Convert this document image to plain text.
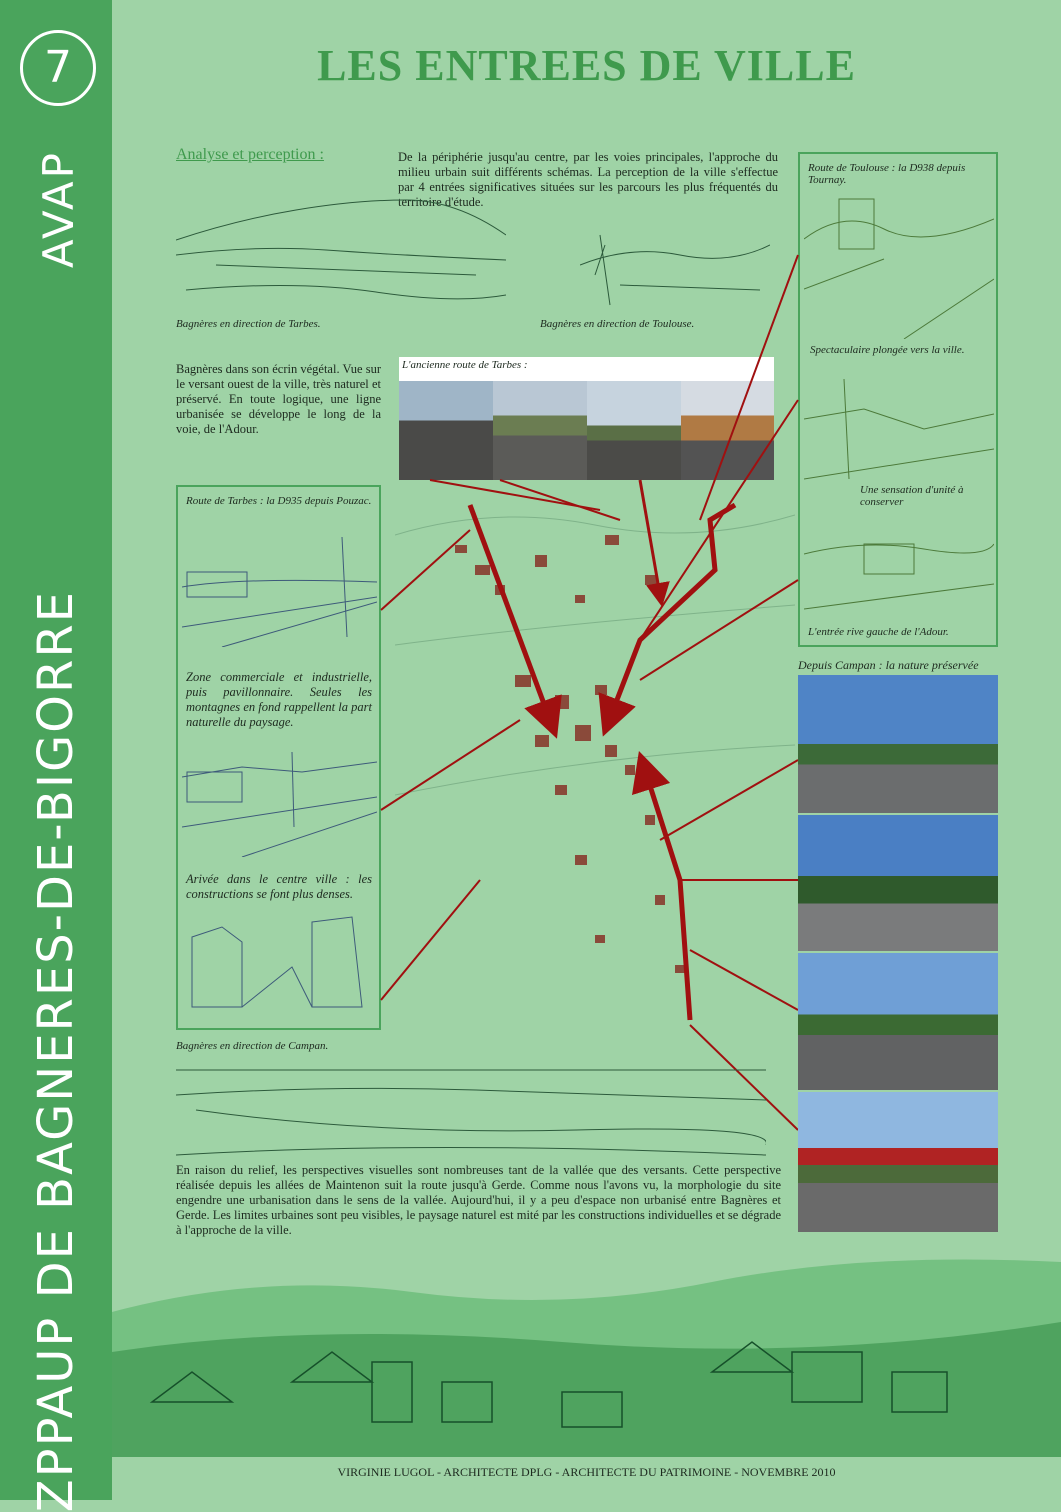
7
AVAP
ZPPAUP DE BAGNERES-DE-BIGORRE
LES ENTREES DE VILLE
Analyse et perception :	De la périphérie jusqu'au centre, par les voies principales, l'approche du milieu urbain suit différents schémas. La perception de la ville s'effectue par 4 entrées significatives situées sur les parcours les plus fréquentés du territoire d'étude.
Bagnères en direction de Tarbes.	Bagnères en direction de Toulouse.
Bagnères dans son écrin végétal. Vue sur le versant ouest de la ville, très naturel et préservé. En toute logique, une ligne urbanisée se développe le long de la voie, de l'Adour.
L'ancienne route de Tarbes :
Route de Tarbes : la D935 depuis Pouzac.
Zone commerciale et industrielle, puis pavillonnaire. Seules les montagnes en fond rappellent la part naturelle du paysage.
Arivée dans le centre ville : les constructions se font plus denses.
Route de Toulouse : la D938 depuis Tournay.
Spectaculaire plongée vers la ville.
Une sensation d'unité à conserver
L'entrée rive gauche de l'Adour.
Depuis Campan : la nature préservée
Bagnères en direction de Campan.
En raison du relief, les perspectives visuelles sont nombreuses tant de la vallée que des versants. Cette perspective réalisée depuis les allées de Maintenon suit la route jusqu'à Gerde. Comme nous l'avons vu, la morphologie du site engendre une urbanisation dans le sens de la vallée. Aujourd'hui, il y a peu d'espace non urbanisé entre Bagnères et Gerde. Les limites urbaines sont peu visibles, le paysage naturel est mité par les constructions individuelles et se dégrade à l'approche de la ville.
VIRGINIE LUGOL - ARCHITECTE DPLG - ARCHITECTE DU PATRIMOINE - NOVEMBRE 2010
